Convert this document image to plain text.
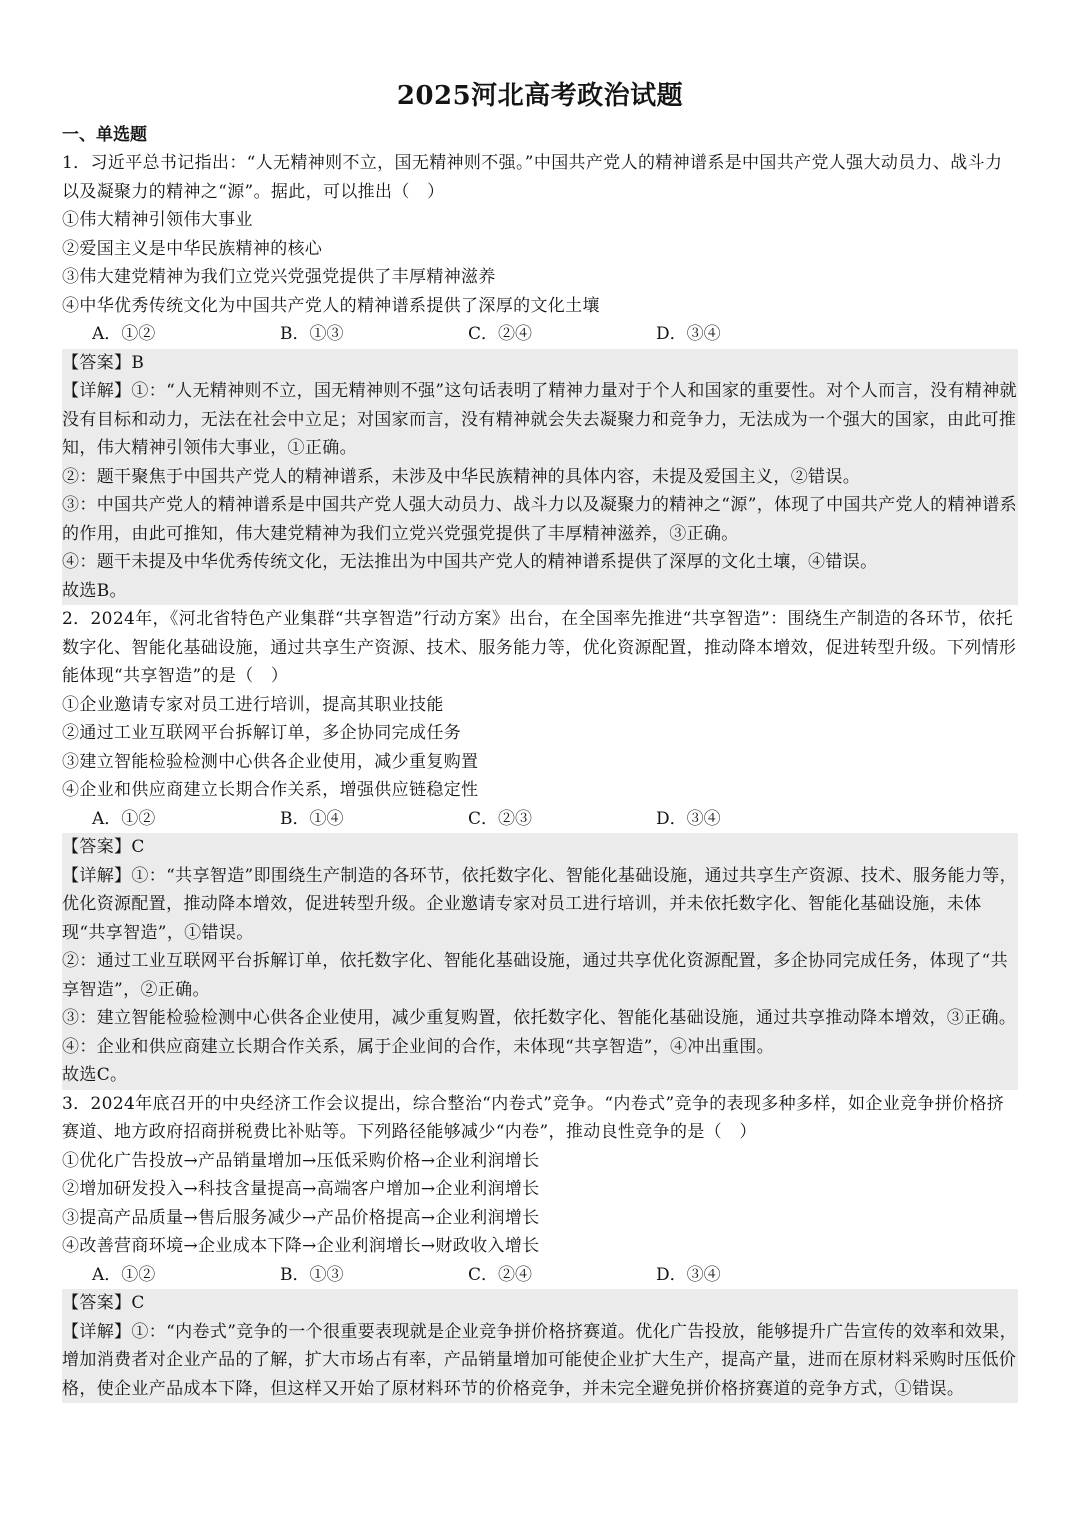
2025河北高考政治试题
一、单选题

1．习近平总书记指出：“人无精神则不立，国无精神则不强。”中国共产党人的精神谱系是中国共产党人强大动员力、战斗力以及凝聚力的精神之“源”。据此，可以推出（　）

①伟大精神引领伟大事业

②爱国主义是中华民族精神的核心

③伟大建党精神为我们立党兴党强党提供了丰厚精神滋养

④中华优秀传统文化为中国共产党人的精神谱系提供了深厚的文化土壤

A．①②	B．①③	C．②④	D．③④

【答案】B

【详解】①：“人无精神则不立，国无精神则不强”这句话表明了精神力量对于个人和国家的重要性。对个人而言，没有精神就没有目标和动力，无法在社会中立足；对国家而言，没有精神就会失去凝聚力和竞争力，无法成为一个强大的国家，由此可推知，伟大精神引领伟大事业，①正确。

②：题干聚焦于中国共产党人的精神谱系，未涉及中华民族精神的具体内容，未提及爱国主义，②错误。

③：中国共产党人的精神谱系是中国共产党人强大动员力、战斗力以及凝聚力的精神之“源”，体现了中国共产党人的精神谱系的作用，由此可推知，伟大建党精神为我们立党兴党强党提供了丰厚精神滋养，③正确。

④：题干未提及中华优秀传统文化，无法推出为中国共产党人的精神谱系提供了深厚的文化土壤，④错误。

故选B。

2．2024年，《河北省特色产业集群“共享智造”行动方案》出台，在全国率先推进“共享智造”：围绕生产制造的各环节，依托数字化、智能化基础设施，通过共享生产资源、技术、服务能力等，优化资源配置，推动降本增效，促进转型升级。下列情形能体现“共享智造”的是（　）

①企业邀请专家对员工进行培训，提高其职业技能

②通过工业互联网平台拆解订单，多企协同完成任务

③建立智能检验检测中心供各企业使用，减少重复购置

④企业和供应商建立长期合作关系，增强供应链稳定性

A．①②	B．①④	C．②③	D．③④

【答案】C

【详解】①：“共享智造”即围绕生产制造的各环节，依托数字化、智能化基础设施，通过共享生产资源、技术、服务能力等，优化资源配置，推动降本增效，促进转型升级。企业邀请专家对员工进行培训，并未依托数字化、智能化基础设施，未体现“共享智造”，①错误。

②：通过工业互联网平台拆解订单，依托数字化、智能化基础设施，通过共享优化资源配置，多企协同完成任务，体现了“共享智造”，②正确。

③：建立智能检验检测中心供各企业使用，减少重复购置，依托数字化、智能化基础设施，通过共享推动降本增效，③正确。

④：企业和供应商建立长期合作关系，属于企业间的合作，未体现“共享智造”，④冲出重围。

故选C。

3．2024年底召开的中央经济工作会议提出，综合整治“内卷式”竞争。“内卷式”竞争的表现多种多样，如企业竞争拼价格挤赛道、地方政府招商拼税费比补贴等。下列路径能够减少“内卷”，推动良性竞争的是（　）

①优化广告投放→产品销量增加→压低采购价格→企业利润增长

②增加研发投入→科技含量提高→高端客户增加→企业利润增长

③提高产品质量→售后服务减少→产品价格提高→企业利润增长

④改善营商环境→企业成本下降→企业利润增长→财政收入增长

A．①②	B．①③	C．②④	D．③④

【答案】C

【详解】①：“内卷式”竞争的一个很重要表现就是企业竞争拼价格挤赛道。优化广告投放，能够提升广告宣传的效率和效果，增加消费者对企业产品的了解，扩大市场占有率，产品销量增加可能使企业扩大生产，提高产量，进而在原材料采购时压低价格，使企业产品成本下降，但这样又开始了原材料环节的价格竞争，并未完全避免拼价格挤赛道的竞争方式，①错误。
